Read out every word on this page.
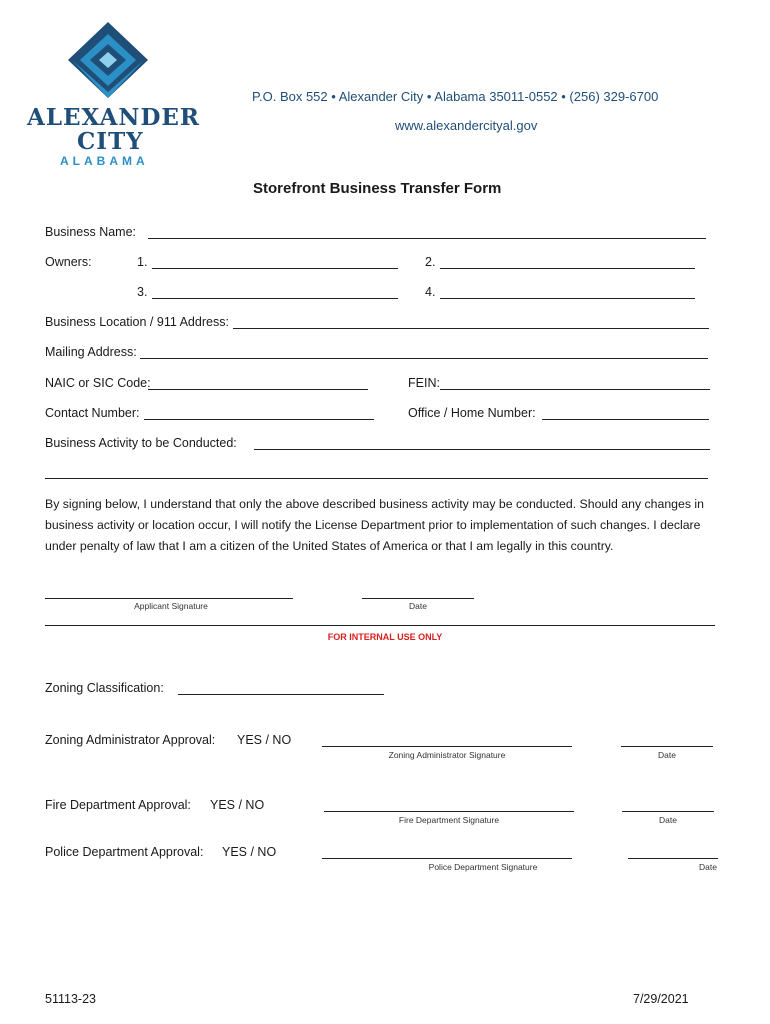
ALEXANDER
CITY
ALABAMA
P.O. Box 552 • Alexander City • Alabama 35011-0552 • (256) 329-6700
www.alexandercityal.gov
Storefront Business Transfer Form
Business Name:
Owners:	1.	2.
3.	4.
Business Location / 911 Address:
Mailing Address:
NAIC or SIC Code:	FEIN:
Contact Number:	Office / Home Number:
Business Activity to be Conducted:
By signing below, I understand that only the above described business activity may be conducted. Should any changes in business activity or location occur, I will notify the License Department prior to implementation of such changes. I declare under penalty of law that I am a citizen of the United States of America or that I am legally in this country.
Applicant Signature	Date
FOR INTERNAL USE ONLY
Zoning Classification:
Zoning Administrator Approval: YES / NO
Zoning Administrator Signature	Date
Fire Department Approval: YES / NO
Fire Department Signature	Date
Police Department Approval: YES / NO
Police Department Signature	Date
51113-23	7/29/2021
